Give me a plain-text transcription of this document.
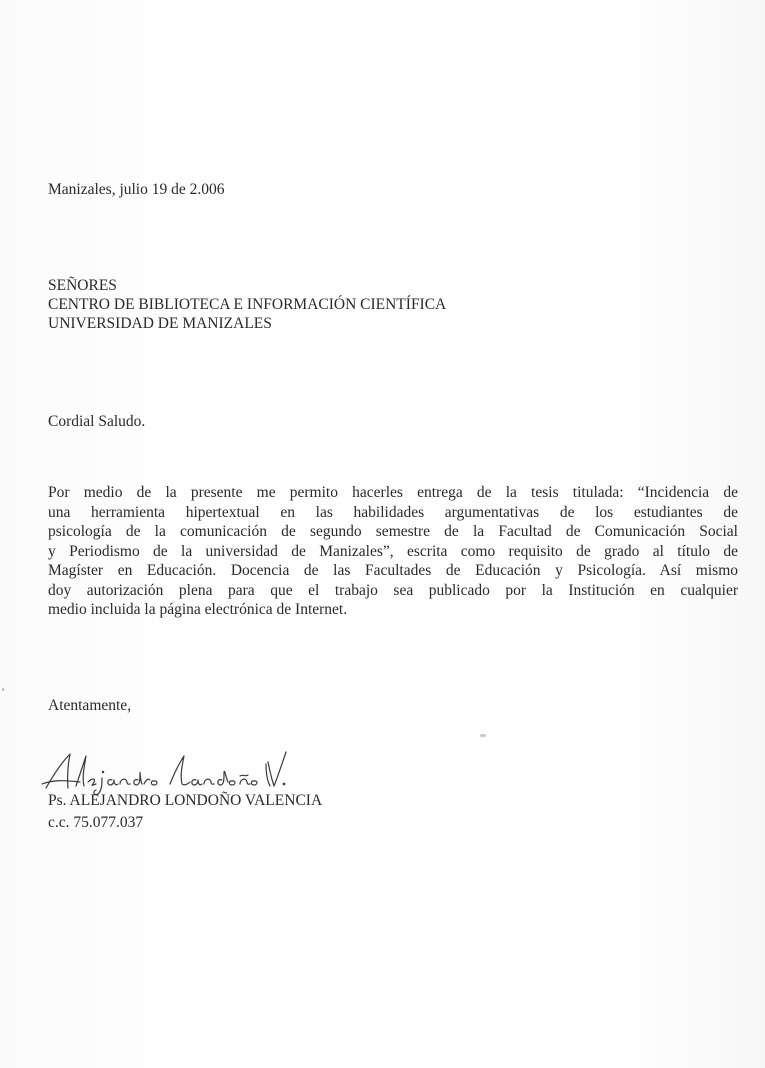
Manizales, julio 19 de 2.006
SEÑORES
CENTRO DE BIBLIOTECA E INFORMACIÓN CIENTÍFICA
UNIVERSIDAD DE MANIZALES
Cordial Saludo.
Por medio de la presente me permito hacerles entrega de la tesis titulada: “Incidencia de
una herramienta hipertextual en las habilidades argumentativas de los estudiantes de
psicología de la comunicación de segundo semestre de la Facultad de Comunicación Social
y Periodismo de la universidad de Manizales”, escrita como requisito de grado al título de
Magíster en Educación. Docencia de las Facultades de Educación y Psicología. Así mismo
doy autorización plena para que el trabajo sea publicado por la Institución en cualquier
medio incluida la página electrónica de Internet.
Atentamente,
Ps. ALEJANDRO LONDOÑO VALENCIA
c.c. 75.077.037
